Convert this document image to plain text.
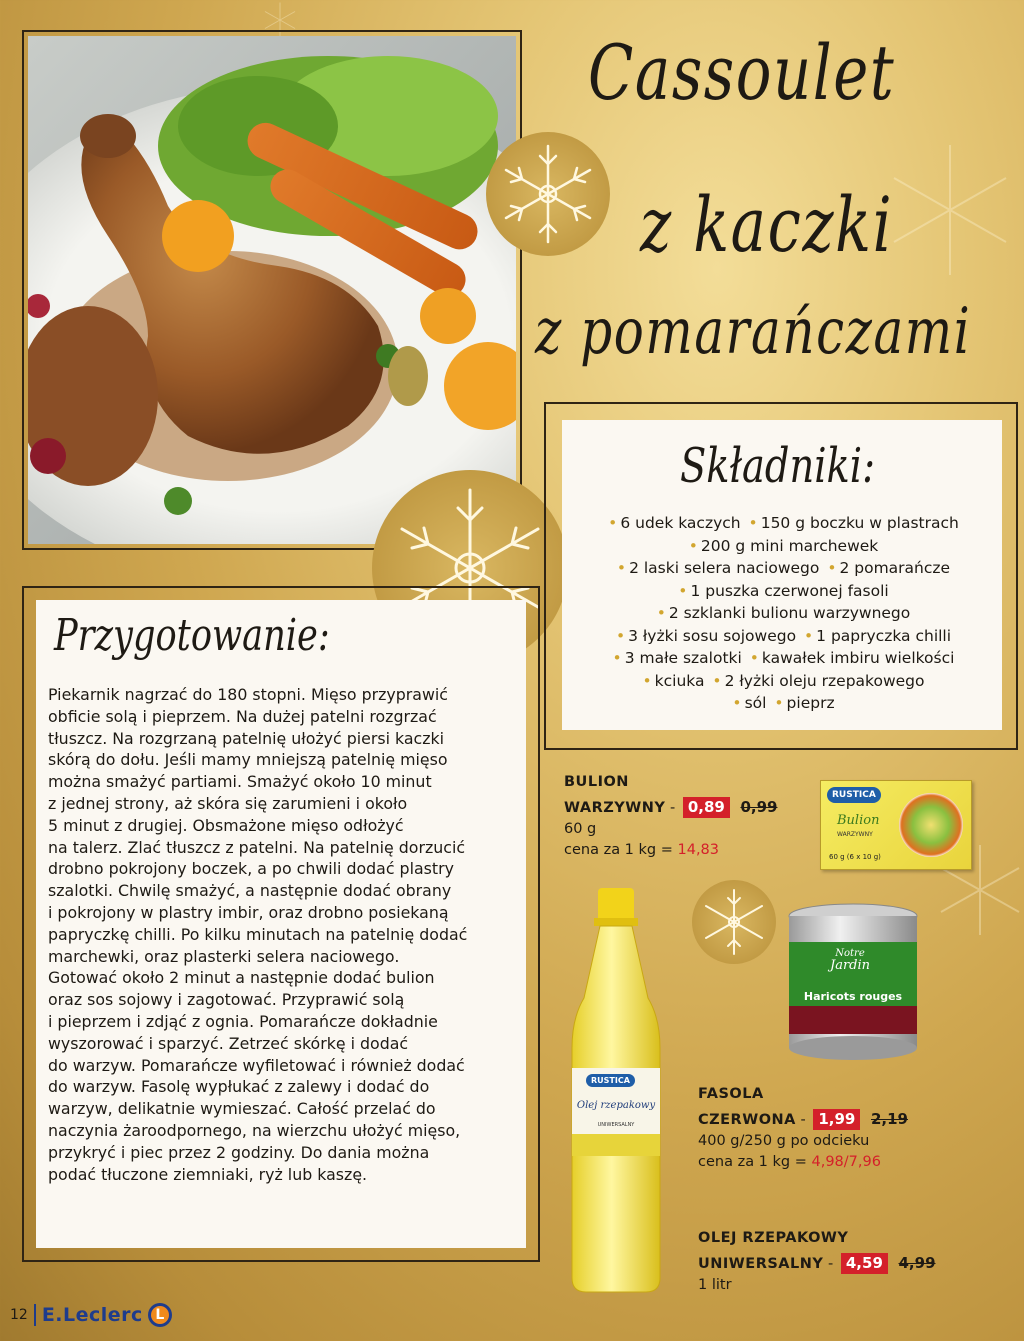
Cassoulet
z kaczki
z pomarańczami
Składniki:
• 6 udek kaczych • 150 g boczku w plastrach
• 200 g mini marchewek
• 2 laski selera naciowego • 2 pomarańcze
• 1 puszka czerwonej fasoli
• 2 szklanki bulionu warzywnego
• 3 łyżki sosu sojowego • 1 papryczka chilli
• 3 małe szalotki • kawałek imbiru wielkości
• kciuka • 2 łyżki oleju rzepakowego
• sól • pieprz
Przygotowanie:
Piekarnik nagrzać do 180 stopni. Mięso przyprawić
obficie solą i pieprzem. Na dużej patelni rozgrzać
tłuszcz. Na rozgrzaną patelnię ułożyć piersi kaczki
skórą do dołu. Jeśli mamy mniejszą patelnię mięso
można smażyć partiami. Smażyć około 10 minut
z jednej strony, aż skóra się zarumieni i około
5 minut z drugiej. Obsmażone mięso odłożyć
na talerz. Zlać tłuszcz z patelni. Na patelnię dorzucić
drobno pokrojony boczek, a po chwili dodać plastry
szalotki. Chwilę smażyć, a następnie dodać obrany
i pokrojony w plastry imbir, oraz drobno posiekaną
papryczkę chilli. Po kilku minutach na patelnię dodać
marchewki, oraz plasterki selera naciowego.
Gotować około 2 minut a następnie dodać bulion
oraz sos sojowy i zagotować. Przyprawić solą
i pieprzem i zdjąć z ognia. Pomarańcze dokładnie
wyszorować i sparzyć. Zetrzeć skórkę i dodać
do warzyw. Pomarańcze wyfiletować i również dodać
do warzyw. Fasolę wypłukać z zalewy i dodać do
warzyw, delikatnie wymieszać. Całość przelać do
naczynia żaroodpornego, na wierzchu ułożyć mięso,
przykryć i piec przez 2 godziny. Do dania można
podać tłuczone ziemniaki, ryż lub kaszę.
BULION
WARZYWNY - 0,89 0,99
60 g
cena za 1 kg = 14,83
RUSTICA
Bulion
WARZYWNY
60 g (6 x 10 g)
RUSTICA
Olej rzepakowy
UNIWERSALNY
Notre
Jardin
Haricots rouges
FASOLA
CZERWONA - 1,99 2,19
400 g/250 g po odcieku
cena za 1 kg = 4,98/7,96
OLEJ RZEPAKOWY
UNIWERSALNY - 4,59 4,99
1 litr
12 E.Leclerc L
